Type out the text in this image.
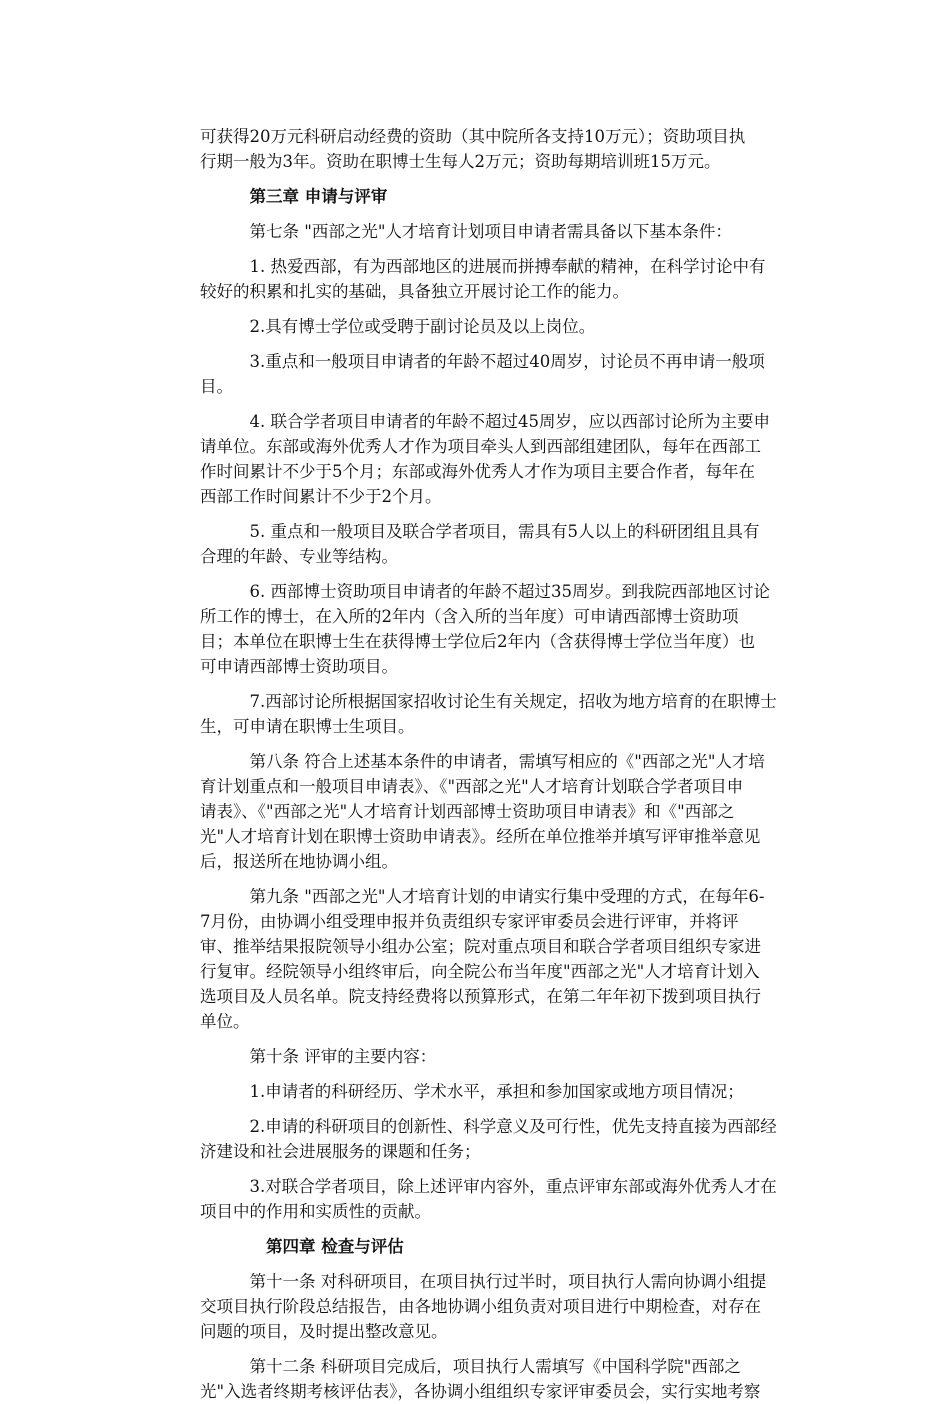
可获得20万元科研启动经费的资助（其中院所各支持10万元）；资助项目执
行期一般为3年。资助在职博士生每人2万元；资助每期培训班15万元。
　　　第三章 申请与评审
　　　第七条 "西部之光"人才培育计划项目申请者需具备以下基本条件：
　　　1. 热爱西部，有为西部地区的进展而拼搏奉献的精神，在科学讨论中有
较好的积累和扎实的基础，具备独立开展讨论工作的能力。
　　　2.具有博士学位或受聘于副讨论员及以上岗位。
　　　3.重点和一般项目申请者的年龄不超过40周岁，讨论员不再申请一般项
目。
　　　4. 联合学者项目申请者的年龄不超过45周岁，应以西部讨论所为主要申
请单位。东部或海外优秀人才作为项目牵头人到西部组建团队，每年在西部工
作时间累计不少于5个月；东部或海外优秀人才作为项目主要合作者，每年在
西部工作时间累计不少于2个月。
　　　5. 重点和一般项目及联合学者项目，需具有5人以上的科研团组且具有
合理的年龄、专业等结构。
　　　6. 西部博士资助项目申请者的年龄不超过35周岁。到我院西部地区讨论
所工作的博士，在入所的2年内（含入所的当年度）可申请西部博士资助项
目；本单位在职博士生在获得博士学位后2年内（含获得博士学位当年度）也
可申请西部博士资助项目。
　　　7.西部讨论所根据国家招收讨论生有关规定，招收为地方培育的在职博士
生，可申请在职博士生项目。
　　　第八条 符合上述基本条件的申请者，需填写相应的《"西部之光"人才培
育计划重点和一般项目申请表》、《"西部之光"人才培育计划联合学者项目申
请表》、《"西部之光"人才培育计划西部博士资助项目申请表》和《"西部之
光"人才培育计划在职博士资助申请表》。经所在单位推举并填写评审推举意见
后，报送所在地协调小组。
　　　第九条 "西部之光"人才培育计划的申请实行集中受理的方式，在每年6-
7月份，由协调小组受理申报并负责组织专家评审委员会进行评审，并将评
审、推举结果报院领导小组办公室；院对重点项目和联合学者项目组织专家进
行复审。经院领导小组终审后，向全院公布当年度"西部之光"人才培育计划入
选项目及人员名单。院支持经费将以预算形式，在第二年年初下拨到项目执行
单位。
　　　第十条 评审的主要内容：
　　　1.申请者的科研经历、学术水平，承担和参加国家或地方项目情况；
　　　2.申请的科研项目的创新性、科学意义及可行性，优先支持直接为西部经
济建设和社会进展服务的课题和任务；
　　　3.对联合学者项目，除上述评审内容外，重点评审东部或海外优秀人才在
项目中的作用和实质性的贡献。
　　　　第四章 检查与评估
　　　第十一条 对科研项目，在项目执行过半时，项目执行人需向协调小组提
交项目执行阶段总结报告，由各地协调小组负责对项目进行中期检查，对存在
问题的项目，及时提出整改意见。
　　　第十二条 科研项目完成后，项目执行人需填写《中国科学院"西部之
光"入选者终期考核评估表》，各协调小组组织专家评审委员会，实行实地考察
